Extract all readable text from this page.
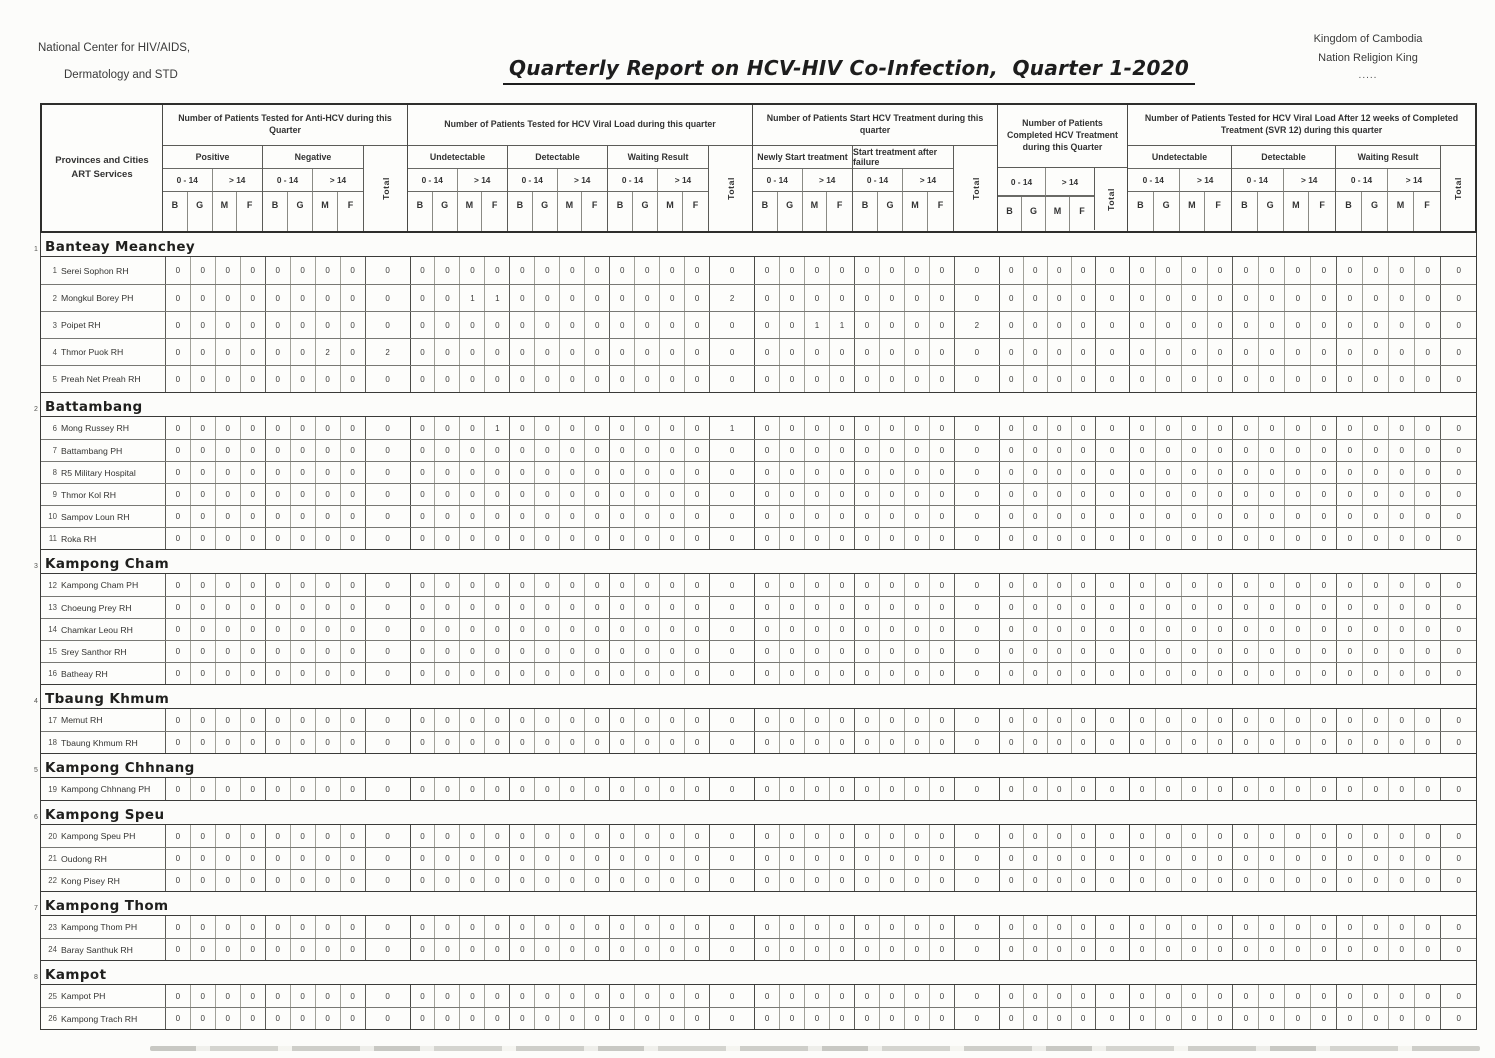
National Center for HIV/AIDS,
Dermatology and STD	Quarterly Report on HCV-HIV Co-Infection,  Quarter 1-2020
Kingdom of Cambodia
Nation Religion King
.....
Provinces and Cities
ART Services
Number of Patients Tested for Anti-HCV during this Quarter
Positive
0 - 14	> 14
B	G	M	F
Negative
0 - 14	> 14
B	G	M	F
Total
Number of Patients Tested for HCV Viral Load during this quarter
Undetectable
0 - 14	> 14
B	G	M	F
Detectable
0 - 14	> 14
B	G	M	F
Waiting Result
0 - 14	> 14
B	G	M	F
Total
Number of Patients Start HCV Treatment during this quarter
Newly Start treatment
0 - 14	> 14
B	G	M	F
Start treatment after failure
0 - 14	> 14
B	G	M	F
Total
Number of Patients Completed HCV Treatment during this Quarter
0 - 14	> 14
B	G	M	F
Total
Number of Patients Tested for HCV Viral Load After 12 weeks of Completed Treatment (SVR 12) during this quarter
Undetectable
0 - 14	> 14
B	G	M	F
Detectable
0 - 14	> 14
B	G	M	F
Waiting Result
0 - 14	> 14
B	G	M	F
Total
1 Banteay Meanchey
1 Serei Sophon RH	0	0	0	0	0	0	0	0	0	0	0	0	0	0	0	0	0	0	0	0	0	0	0	0	0	0	0	0	0	0	0	0	0	0	0	0	0	0	0	0	0	0	0	0	0	0	0	0	0
2 Mongkul Borey PH	0	0	0	0	0	0	0	0	0	0	0	1	1	0	0	0	0	0	0	0	0	2	0	0	0	0	0	0	0	0	0	0	0	0	0	0	0	0	0	0	0	0	0	0	0	0	0	0	0
3 Poipet RH	0	0	0	0	0	0	0	0	0	0	0	0	0	0	0	0	0	0	0	0	0	0	0	0	1	1	0	0	0	0	2	0	0	0	0	0	0	0	0	0	0	0	0	0	0	0	0	0	0
4 Thmor Puok RH	0	0	0	0	0	0	2	0	2	0	0	0	0	0	0	0	0	0	0	0	0	0	0	0	0	0	0	0	0	0	0	0	0	0	0	0	0	0	0	0	0	0	0	0	0	0	0	0	0
5 Preah Net Preah RH	0	0	0	0	0	0	0	0	0	0	0	0	0	0	0	0	0	0	0	0	0	0	0	0	0	0	0	0	0	0	0	0	0	0	0	0	0	0	0	0	0	0	0	0	0	0	0	0	0
2 Battambang
6 Mong Russey RH	0	0	0	0	0	0	0	0	0	0	0	0	1	0	0	0	0	0	0	0	0	1	0	0	0	0	0	0	0	0	0	0	0	0	0	0	0	0	0	0	0	0	0	0	0	0	0	0	0
7 Battambang PH	0	0	0	0	0	0	0	0	0	0	0	0	0	0	0	0	0	0	0	0	0	0	0	0	0	0	0	0	0	0	0	0	0	0	0	0	0	0	0	0	0	0	0	0	0	0	0	0	0
8 R5 Military Hospital	0	0	0	0	0	0	0	0	0	0	0	0	0	0	0	0	0	0	0	0	0	0	0	0	0	0	0	0	0	0	0	0	0	0	0	0	0	0	0	0	0	0	0	0	0	0	0	0	0
9 Thmor Kol RH	0	0	0	0	0	0	0	0	0	0	0	0	0	0	0	0	0	0	0	0	0	0	0	0	0	0	0	0	0	0	0	0	0	0	0	0	0	0	0	0	0	0	0	0	0	0	0	0	0
10 Sampov Loun RH	0	0	0	0	0	0	0	0	0	0	0	0	0	0	0	0	0	0	0	0	0	0	0	0	0	0	0	0	0	0	0	0	0	0	0	0	0	0	0	0	0	0	0	0	0	0	0	0	0
11 Roka RH	0	0	0	0	0	0	0	0	0	0	0	0	0	0	0	0	0	0	0	0	0	0	0	0	0	0	0	0	0	0	0	0	0	0	0	0	0	0	0	0	0	0	0	0	0	0	0	0	0
3 Kampong Cham
12 Kampong Cham PH	0	0	0	0	0	0	0	0	0	0	0	0	0	0	0	0	0	0	0	0	0	0	0	0	0	0	0	0	0	0	0	0	0	0	0	0	0	0	0	0	0	0	0	0	0	0	0	0	0
13 Choeung Prey RH	0	0	0	0	0	0	0	0	0	0	0	0	0	0	0	0	0	0	0	0	0	0	0	0	0	0	0	0	0	0	0	0	0	0	0	0	0	0	0	0	0	0	0	0	0	0	0	0	0
14 Chamkar Leou RH	0	0	0	0	0	0	0	0	0	0	0	0	0	0	0	0	0	0	0	0	0	0	0	0	0	0	0	0	0	0	0	0	0	0	0	0	0	0	0	0	0	0	0	0	0	0	0	0	0
15 Srey Santhor RH	0	0	0	0	0	0	0	0	0	0	0	0	0	0	0	0	0	0	0	0	0	0	0	0	0	0	0	0	0	0	0	0	0	0	0	0	0	0	0	0	0	0	0	0	0	0	0	0	0
16 Batheay RH	0	0	0	0	0	0	0	0	0	0	0	0	0	0	0	0	0	0	0	0	0	0	0	0	0	0	0	0	0	0	0	0	0	0	0	0	0	0	0	0	0	0	0	0	0	0	0	0	0
4 Tbaung Khmum
17 Memut RH	0	0	0	0	0	0	0	0	0	0	0	0	0	0	0	0	0	0	0	0	0	0	0	0	0	0	0	0	0	0	0	0	0	0	0	0	0	0	0	0	0	0	0	0	0	0	0	0	0
18 Tbaung Khmum RH	0	0	0	0	0	0	0	0	0	0	0	0	0	0	0	0	0	0	0	0	0	0	0	0	0	0	0	0	0	0	0	0	0	0	0	0	0	0	0	0	0	0	0	0	0	0	0	0	0
5 Kampong Chhnang
19 Kampong Chhnang PH	0	0	0	0	0	0	0	0	0	0	0	0	0	0	0	0	0	0	0	0	0	0	0	0	0	0	0	0	0	0	0	0	0	0	0	0	0	0	0	0	0	0	0	0	0	0	0	0	0
6 Kampong Speu
20 Kampong Speu PH	0	0	0	0	0	0	0	0	0	0	0	0	0	0	0	0	0	0	0	0	0	0	0	0	0	0	0	0	0	0	0	0	0	0	0	0	0	0	0	0	0	0	0	0	0	0	0	0	0
21 Oudong RH	0	0	0	0	0	0	0	0	0	0	0	0	0	0	0	0	0	0	0	0	0	0	0	0	0	0	0	0	0	0	0	0	0	0	0	0	0	0	0	0	0	0	0	0	0	0	0	0	0
22 Kong Pisey RH	0	0	0	0	0	0	0	0	0	0	0	0	0	0	0	0	0	0	0	0	0	0	0	0	0	0	0	0	0	0	0	0	0	0	0	0	0	0	0	0	0	0	0	0	0	0	0	0	0
7 Kampong Thom
23 Kampong Thom PH	0	0	0	0	0	0	0	0	0	0	0	0	0	0	0	0	0	0	0	0	0	0	0	0	0	0	0	0	0	0	0	0	0	0	0	0	0	0	0	0	0	0	0	0	0	0	0	0	0
24 Baray Santhuk RH	0	0	0	0	0	0	0	0	0	0	0	0	0	0	0	0	0	0	0	0	0	0	0	0	0	0	0	0	0	0	0	0	0	0	0	0	0	0	0	0	0	0	0	0	0	0	0	0	0
8 Kampot
25 Kampot PH	0	0	0	0	0	0	0	0	0	0	0	0	0	0	0	0	0	0	0	0	0	0	0	0	0	0	0	0	0	0	0	0	0	0	0	0	0	0	0	0	0	0	0	0	0	0	0	0	0
26 Kampong Trach RH	0	0	0	0	0	0	0	0	0	0	0	0	0	0	0	0	0	0	0	0	0	0	0	0	0	0	0	0	0	0	0	0	0	0	0	0	0	0	0	0	0	0	0	0	0	0	0	0	0
